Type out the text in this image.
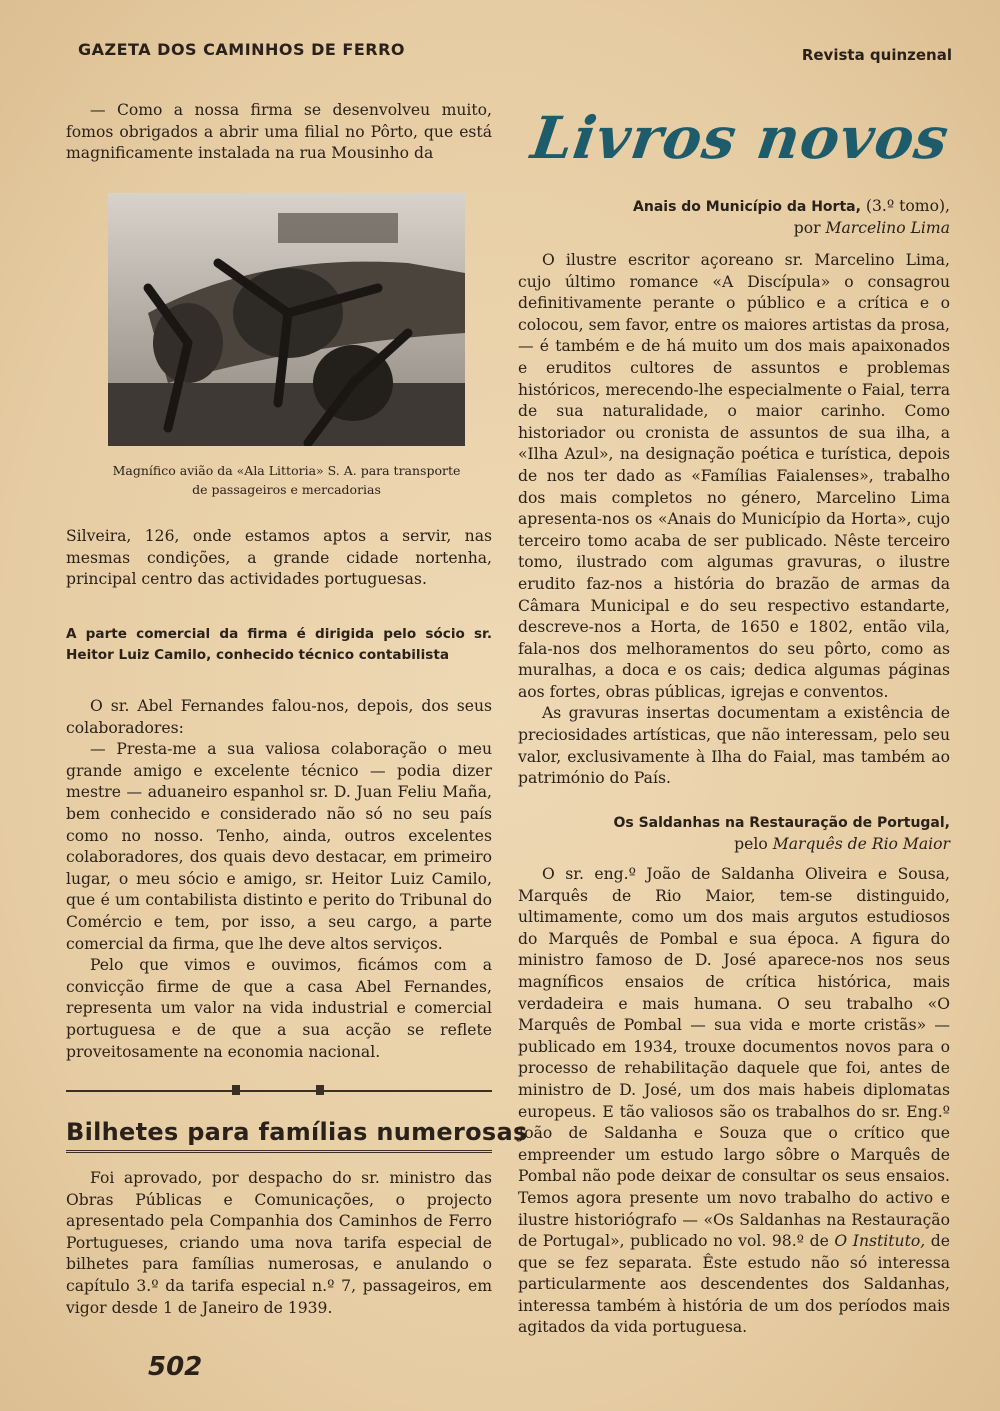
GAZETA DOS CAMINHOS DE FERRO	Revista quinzenal

— Como a nossa firma se desenvolveu muito, fomos obrigados a abrir uma filial no Pôrto, que está magnificamente instalada na rua Mousinho da

Magnífico avião da «Ala Littoria» S. A. para transporte de passageiros e mercadorias

Silveira, 126, onde estamos aptos a servir, nas mesmas condições, a grande cidade nortenha, principal centro das actividades portuguesas.

A parte comercial da firma é dirigida pelo sócio sr. Heitor Luiz Camilo, conhecido técnico contabilista

O sr. Abel Fernandes falou-nos, depois, dos seus colaboradores:

— Presta-me a sua valiosa colaboração o meu grande amigo e excelente técnico — podia dizer mestre — aduaneiro espanhol sr. D. Juan Feliu Maña, bem conhecido e considerado não só no seu país como no nosso. Tenho, ainda, outros excelentes colaboradores, dos quais devo destacar, em primeiro lugar, o meu sócio e amigo, sr. Heitor Luiz Camilo, que é um contabilista distinto e perito do Tribunal do Comércio e tem, por isso, a seu cargo, a parte comercial da firma, que lhe deve altos serviços.

Pelo que vimos e ouvimos, ficámos com a convicção firme de que a casa Abel Fernandes, representa um valor na vida industrial e comercial portuguesa e de que a sua acção se reflete proveitosamente na economia nacional.

Bilhetes para famílias numerosas

Foi aprovado, por despacho do sr. ministro das Obras Públicas e Comunicações, o projecto apresentado pela Companhia dos Caminhos de Ferro Portugueses, criando uma nova tarifa especial de bilhetes para famílias numerosas, e anulando o capítulo 3.º da tarifa especial n.º 7, passageiros, em vigor desde 1 de Janeiro de 1939.

502
Livros novos
Anais do Município da Horta, (3.º tomo),
por Marcelino Lima

O ilustre escritor açoreano sr. Marcelino Lima, cujo último romance «A Discípula» o consagrou definitivamente perante o público e a crítica e o colocou, sem favor, entre os maiores artistas da prosa, — é também e de há muito um dos mais apaixonados e eruditos cultores de assuntos e problemas históricos, merecendo-lhe especialmente o Faial, terra de sua naturalidade, o maior carinho. Como historiador ou cronista de assuntos de sua ilha, a «Ilha Azul», na designação poética e turística, depois de nos ter dado as «Famílias Faialenses», trabalho dos mais completos no género, Marcelino Lima apresenta-nos os «Anais do Município da Horta», cujo terceiro tomo acaba de ser publicado. Nêste terceiro tomo, ilustrado com algumas gravuras, o ilustre erudito faz-nos a história do brazão de armas da Câmara Municipal e do seu respectivo estandarte, descreve-nos a Horta, de 1650 e 1802, então vila, fala-nos dos melhoramentos do seu pôrto, como as muralhas, a doca e os cais; dedica algumas páginas aos fortes, obras públicas, igrejas e conventos.

As gravuras insertas documentam a existência de preciosidades artísticas, que não interessam, pelo seu valor, exclusivamente à Ilha do Faial, mas também ao património do País.

Os Saldanhas na Restauração de Portugal,
pelo Marquês de Rio Maior

O sr. eng.º João de Saldanha Oliveira e Sousa, Marquês de Rio Maior, tem-se distinguido, ultimamente, como um dos mais argutos estudiosos do Marquês de Pombal e sua época. A figura do ministro famoso de D. José aparece-nos nos seus magníficos ensaios de crítica histórica, mais verdadeira e mais humana. O seu trabalho «O Marquês de Pombal — sua vida e morte cristãs» — publicado em 1934, trouxe documentos novos para o processo de rehabilitação daquele que foi, antes de ministro de D. José, um dos mais habeis diplomatas europeus. E tão valiosos são os trabalhos do sr. Eng.º João de Saldanha e Souza que o crítico que empreender um estudo largo sôbre o Marquês de Pombal não pode deixar de consultar os seus ensaios. Temos agora presente um novo trabalho do activo e ilustre historiógrafo — «Os Saldanhas na Restauração de Portugal», publicado no vol. 98.º de O Instituto, de que se fez separata. Êste estudo não só interessa particularmente aos descendentes dos Saldanhas, interessa também à história de um dos períodos mais agitados da vida portuguesa.
